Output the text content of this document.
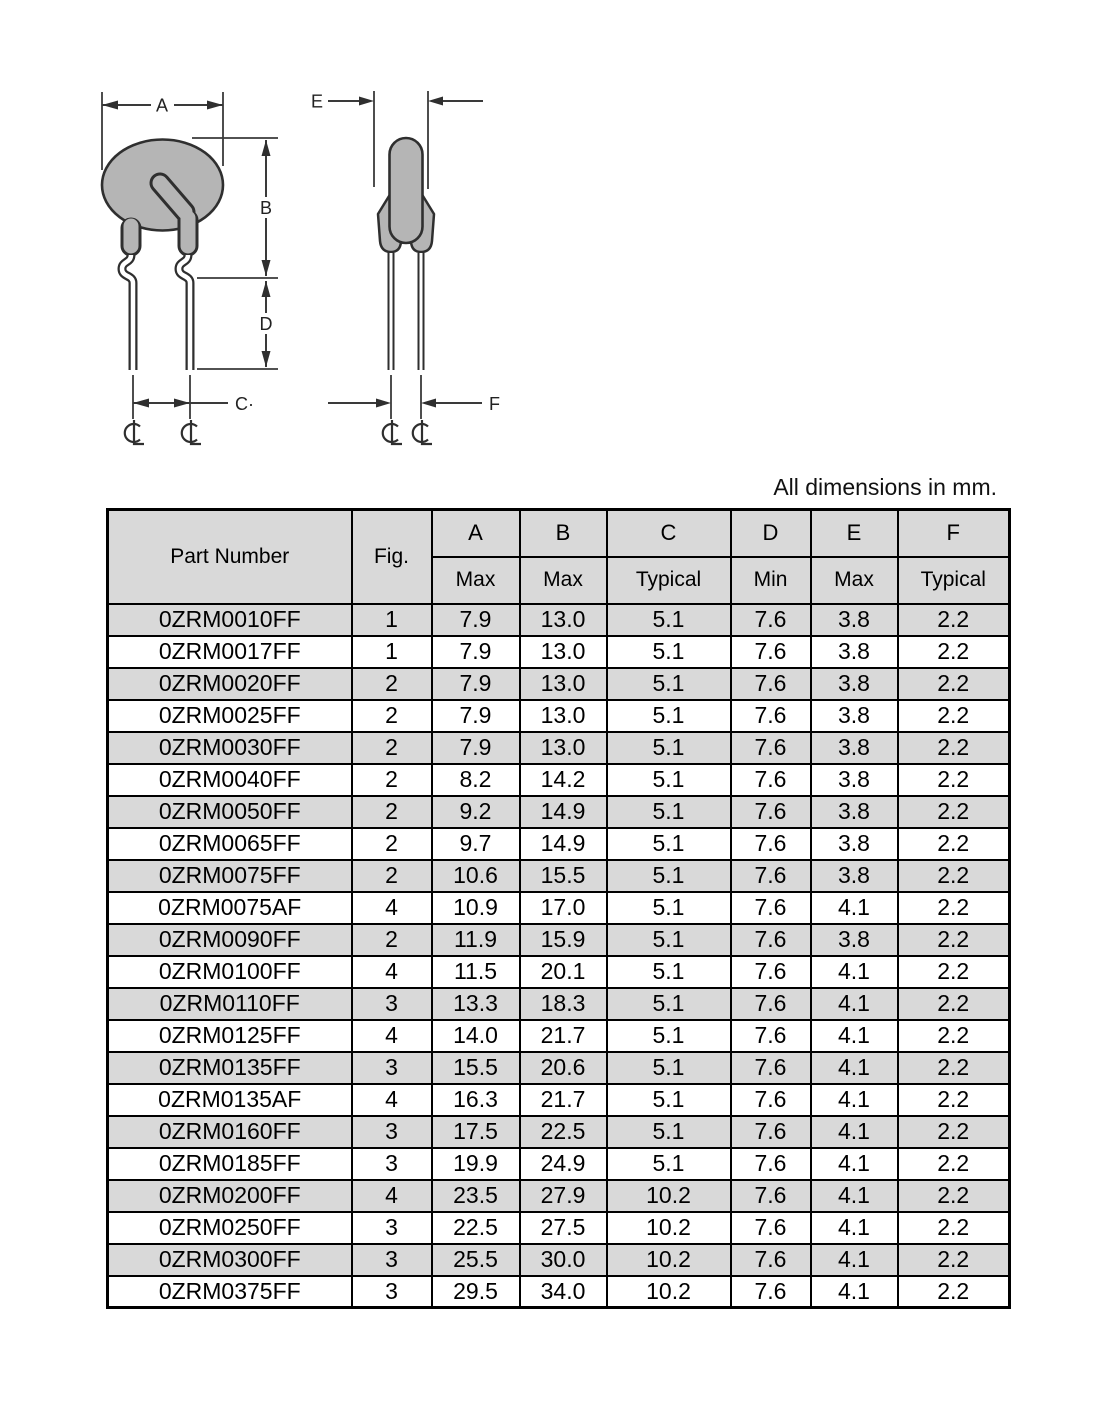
A
B
D
C·
E
F
All dimensions in mm.
Part Number	Fig.	A	B	C	D	E	F
		Max	Max	Typical	Min	Max	Typical
0ZRM0010FF	1	7.9	13.0	5.1	7.6	3.8	2.2
0ZRM0017FF	1	7.9	13.0	5.1	7.6	3.8	2.2
0ZRM0020FF	2	7.9	13.0	5.1	7.6	3.8	2.2
0ZRM0025FF	2	7.9	13.0	5.1	7.6	3.8	2.2
0ZRM0030FF	2	7.9	13.0	5.1	7.6	3.8	2.2
0ZRM0040FF	2	8.2	14.2	5.1	7.6	3.8	2.2
0ZRM0050FF	2	9.2	14.9	5.1	7.6	3.8	2.2
0ZRM0065FF	2	9.7	14.9	5.1	7.6	3.8	2.2
0ZRM0075FF	2	10.6	15.5	5.1	7.6	3.8	2.2
0ZRM0075AF	4	10.9	17.0	5.1	7.6	4.1	2.2
0ZRM0090FF	2	11.9	15.9	5.1	7.6	3.8	2.2
0ZRM0100FF	4	11.5	20.1	5.1	7.6	4.1	2.2
0ZRM0110FF	3	13.3	18.3	5.1	7.6	4.1	2.2
0ZRM0125FF	4	14.0	21.7	5.1	7.6	4.1	2.2
0ZRM0135FF	3	15.5	20.6	5.1	7.6	4.1	2.2
0ZRM0135AF	4	16.3	21.7	5.1	7.6	4.1	2.2
0ZRM0160FF	3	17.5	22.5	5.1	7.6	4.1	2.2
0ZRM0185FF	3	19.9	24.9	5.1	7.6	4.1	2.2
0ZRM0200FF	4	23.5	27.9	10.2	7.6	4.1	2.2
0ZRM0250FF	3	22.5	27.5	10.2	7.6	4.1	2.2
0ZRM0300FF	3	25.5	30.0	10.2	7.6	4.1	2.2
0ZRM0375FF	3	29.5	34.0	10.2	7.6	4.1	2.2
